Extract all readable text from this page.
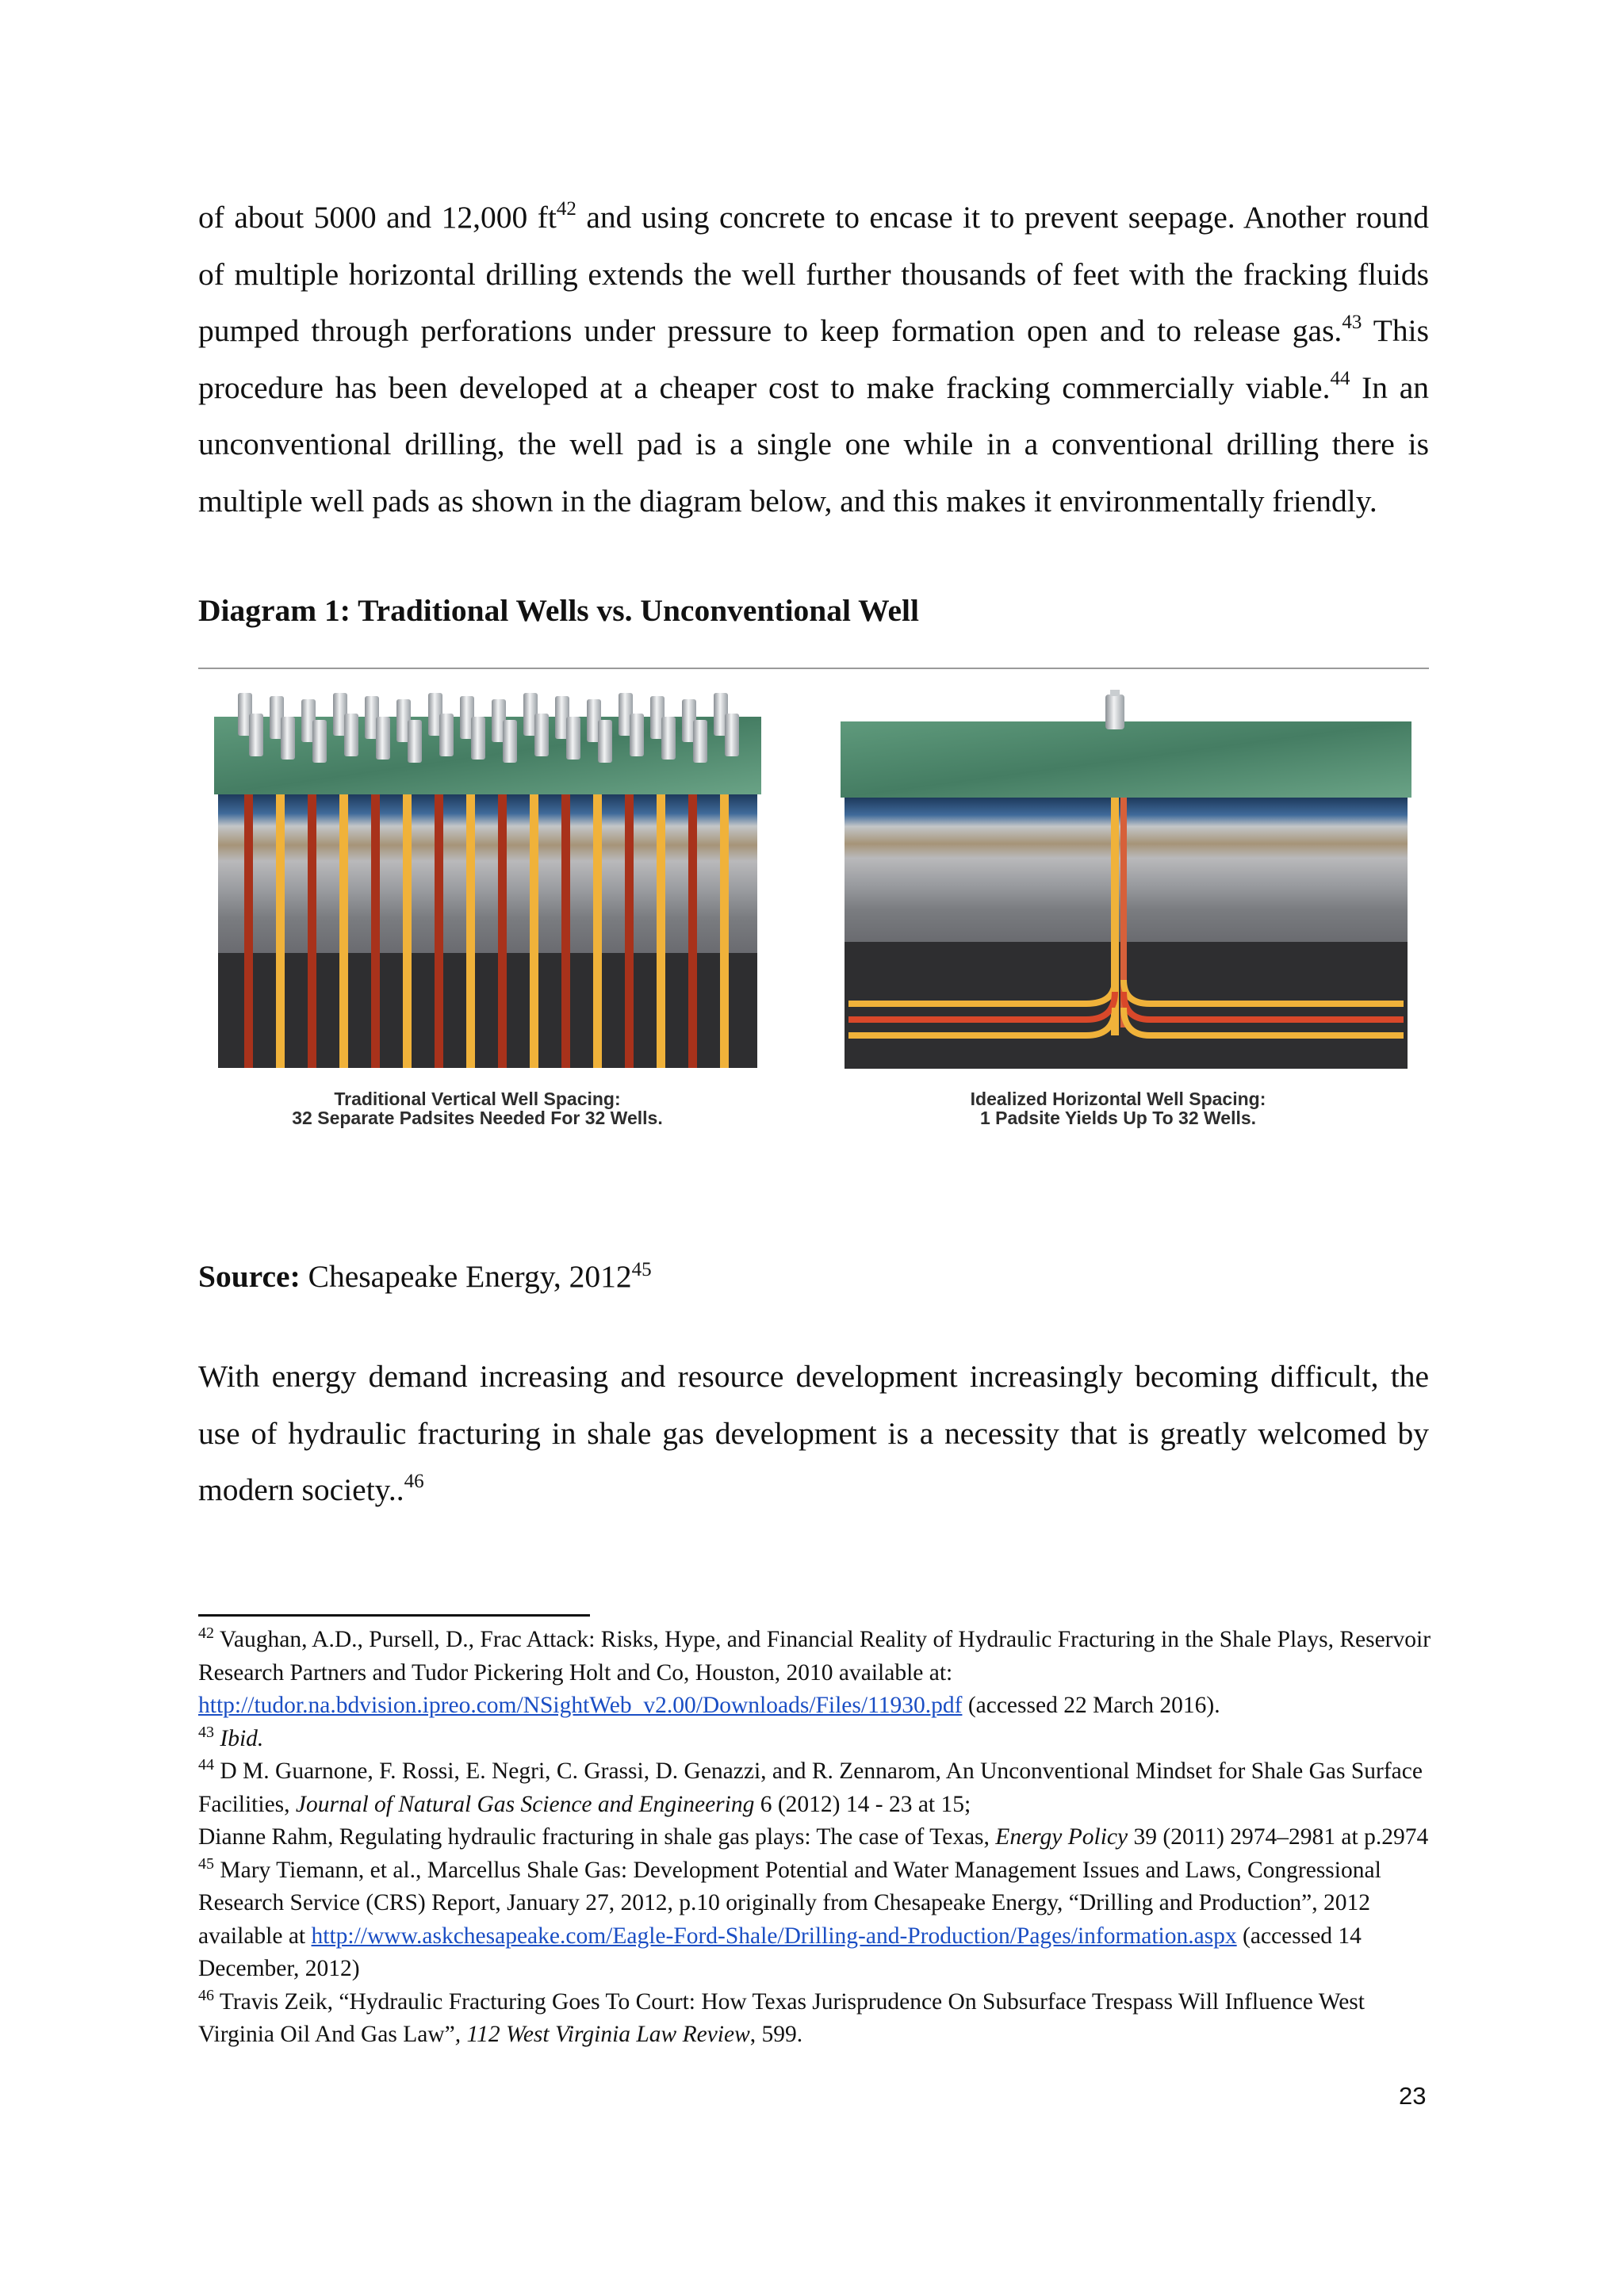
of about 5000 and 12,000 $ft^{42}$ and using concrete to encase it to prevent seepage. Another round of multiple horizontal drilling extends the well further thousands of feet with the fracking fluids pumped through perforations under pressure to keep formation open and to release gas.$^{43}$ This procedure has been developed at a cheaper cost to make fracking commercially viable.$^{44}$ In an unconventional drilling, the well pad is a single one while in a conventional drilling there is multiple well pads as shown in the diagram below, and this makes it environmentally friendly.

Diagram 1: Traditional Wells vs. Unconventional Well

Traditional Vertical Well Spacing:
32 Separate Padsites Needed For 32 Wells.
Idealized Horizontal Well Spacing:
1 Padsite Yields Up To 32 Wells.

Source: Chesapeake Energy, 2012$^{45}$

With energy demand increasing and resource development increasingly becoming difficult, the use of hydraulic fracturing in shale gas development is a necessity that is greatly welcomed by modern society..$^{46}$

$^{42}$ Vaughan, A.D., Pursell, D., Frac Attack: Risks, Hype, and Financial Reality of Hydraulic Fracturing in the Shale Plays, Reservoir Research Partners and Tudor Pickering Holt and Co, Houston, 2010 available at: http://tudor.na.bdvision.ipreo.com/NSightWeb_v2.00/Downloads/Files/11930.pdf (accessed 22 March 2016).

$^{43}$ Ibid.

$^{44}$ D M. Guarnone, F. Rossi, E. Negri, C. Grassi, D. Genazzi, and R. Zennarom, An Unconventional Mindset for Shale Gas Surface Facilities, Journal of Natural Gas Science and Engineering 6 (2012) 14 - 23 at 15;
Dianne Rahm, Regulating hydraulic fracturing in shale gas plays: The case of Texas, Energy Policy 39 (2011) 2974–2981 at p.2974

$^{45}$ Mary Tiemann, et al., Marcellus Shale Gas: Development Potential and Water Management Issues and Laws, Congressional Research Service (CRS) Report, January 27, 2012, p.10 originally from Chesapeake Energy, “Drilling and Production”, 2012 available at http://www.askchesapeake.com/Eagle-Ford-Shale/Drilling-and-Production/Pages/information.aspx (accessed 14 December, 2012)

$^{46}$ Travis Zeik, “Hydraulic Fracturing Goes To Court: How Texas Jurisprudence On Subsurface Trespass Will Influence West Virginia Oil And Gas Law”, 112 West Virginia Law Review, 599.

23
